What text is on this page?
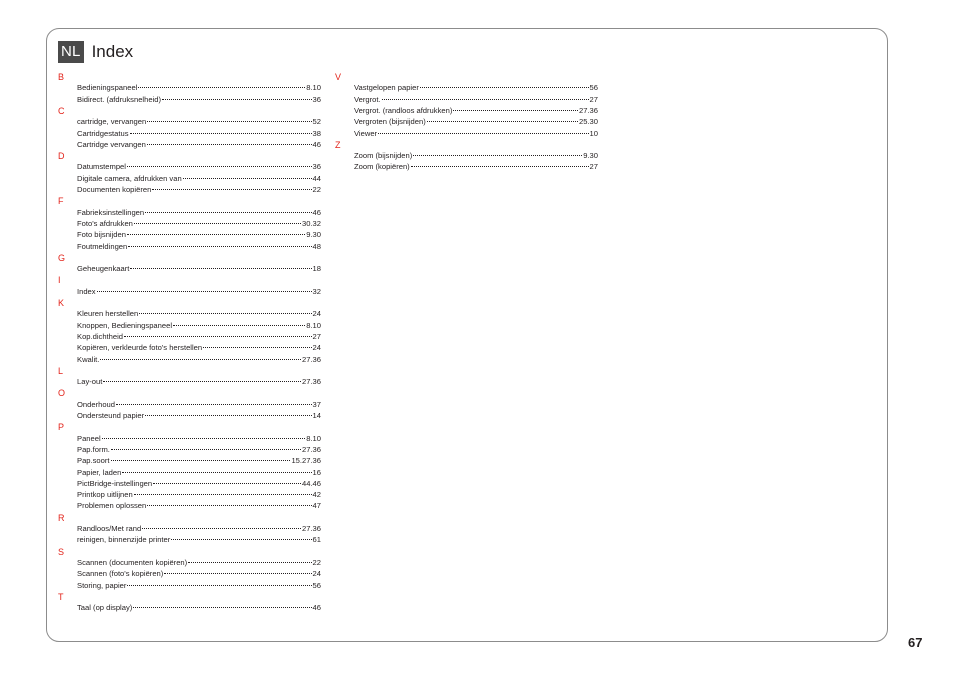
NL Index
B
Bedieningspaneel	8.10
Bidirect. (afdruksnelheid)	36
C
cartridge, vervangen	52
Cartridgestatus	38
Cartridge vervangen	46
D
Datumstempel	36
Digitale camera, afdrukken van	44
Documenten kopiëren	22
F
Fabrieksinstellingen	46
Foto's afdrukken	30.32
Foto bijsnijden	9.30
Foutmeldingen	48
G
Geheugenkaart	18
I
Index	32
K
Kleuren herstellen	24
Knoppen, Bedieningspaneel	8.10
Kop.dichtheid	27
Kopiëren, verkleurde foto's herstellen	24
Kwalit.	27.36
L
Lay-out	27.36
O
Onderhoud	37
Ondersteund papier	14
P
Paneel	8.10
Pap.form.	27.36
Pap.soort	15.27.36
Papier, laden	16
PictBridge-instellingen	44.46
Printkop uitlijnen	42
Problemen oplossen	47
R
Randloos/Met rand	27.36
reinigen, binnenzijde printer	61
S
Scannen (documenten kopiëren)	22
Scannen (foto's kopiëren)	24
Storing, papier	56
T
Taal (op display)	46
V
Vastgelopen papier	56
Vergrot.	27
Vergrot. (randloos afdrukken)	27.36
Vergroten (bijsnijden)	25.30
Viewer	10
Z
Zoom (bijsnijden)	9.30
Zoom (kopiëren)	27
67
